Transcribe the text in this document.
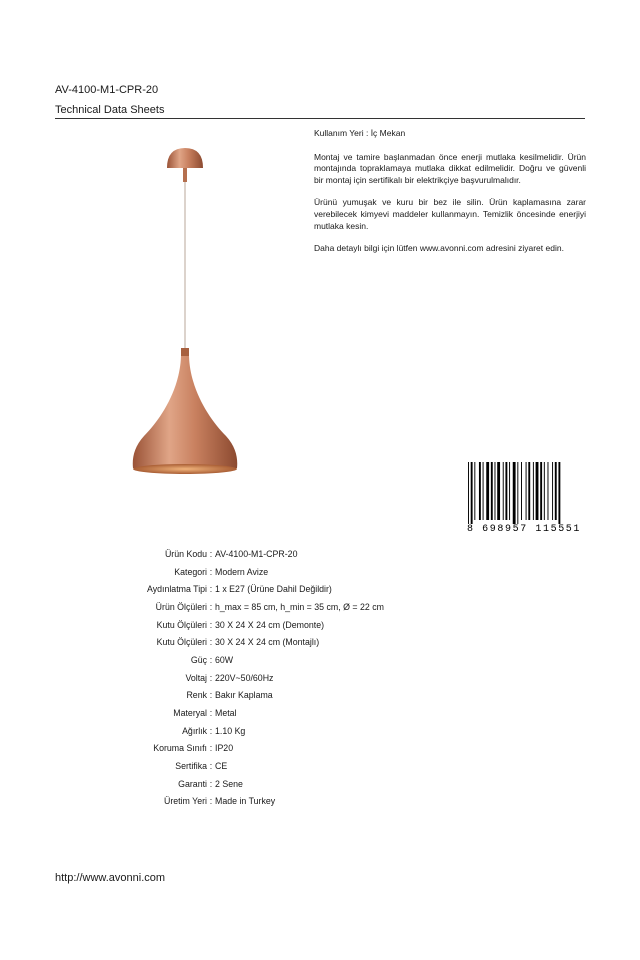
AV-4100-M1-CPR-20
Technical Data Sheets

Kullanım Yeri : İç Mekan

Montaj ve tamire başlanmadan önce enerji mutlaka kesilmelidir. Ürün montajında topraklamaya mutlaka dikkat edilmelidir. Doğru ve güvenli bir montaj için sertifikalı bir elektrikçiye başvurulmalıdır.

Ürünü yumuşak ve kuru bir bez ile silin. Ürün kaplamasına zarar verebilecek kimyevi maddeler kullanmayın. Temizlik öncesinde enerjiyi mutlaka kesin.

Daha detaylı bilgi için lütfen www.avonni.com adresini ziyaret edin.

8 698957 115551
Ürün Kodu : AV-4100-M1-CPR-20
Kategori : Modern Avize
Aydınlatma Tipi : 1 x E27 (Ürüne Dahil Değildir)
Ürün Ölçüleri : h_max = 85 cm, h_min = 35 cm, Ø = 22 cm
Kutu Ölçüleri : 30 X 24 X 24 cm (Demonte)
Kutu Ölçüleri : 30 X 24 X 24 cm (Montajlı)
Güç : 60W
Voltaj : 220V~50/60Hz
Renk : Bakır Kaplama
Materyal : Metal
Ağırlık : 1.10 Kg
Koruma Sınıfı : IP20
Sertifika : CE
Garanti : 2 Sene
Üretim Yeri : Made in Turkey
http://www.avonni.com
